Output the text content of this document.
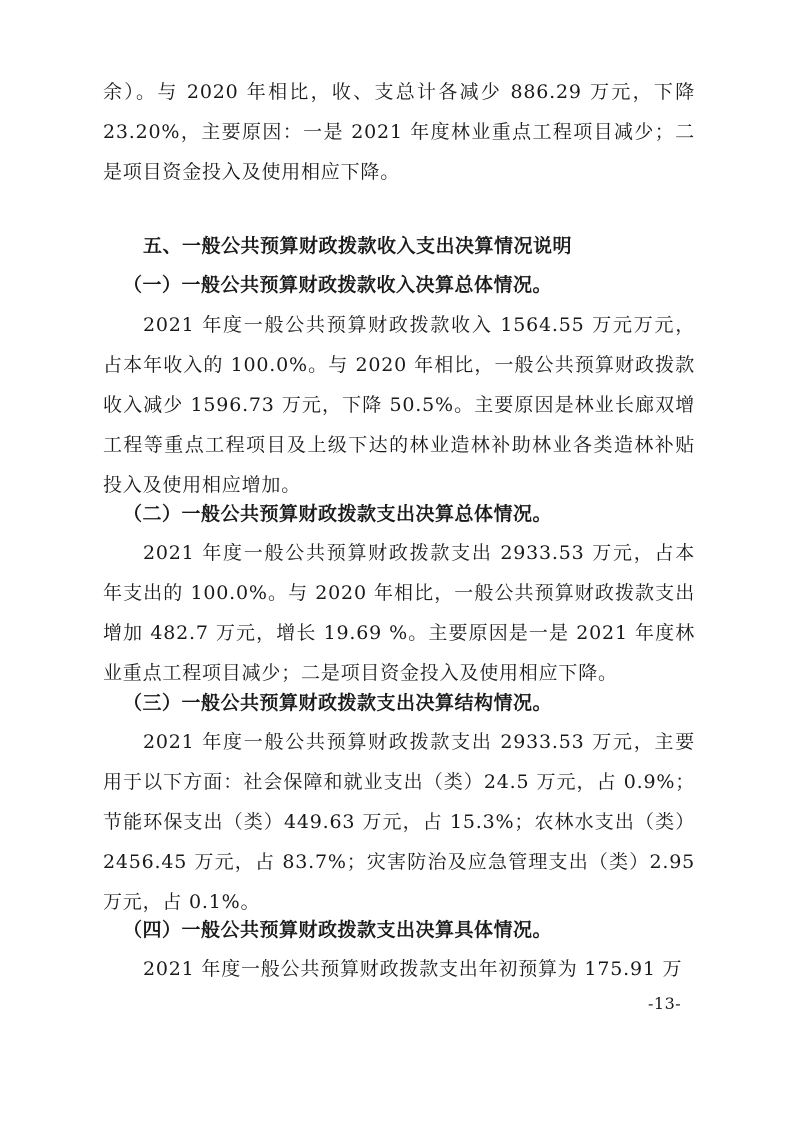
余）。与 2020 年相比，收、支总计各减少 886.29 万元，下降 23.20%，主要原因：一是 2021 年度林业重点工程项目减少；二是项目资金投入及使用相应下降。

五、一般公共预算财政拨款收入支出决算情况说明

（一）一般公共预算财政拨款收入决算总体情况。

2021 年度一般公共预算财政拨款收入 1564.55 万元万元，占本年收入的 100.0%。与 2020 年相比，一般公共预算财政拨款收入减少 1596.73 万元，下降 50.5%。主要原因是林业长廊双增工程等重点工程项目及上级下达的林业造林补助林业各类造林补贴投入及使用相应增加。

（二）一般公共预算财政拨款支出决算总体情况。

2021 年度一般公共预算财政拨款支出 2933.53 万元，占本年支出的 100.0%。与 2020 年相比，一般公共预算财政拨款支出增加 482.7 万元，增长 19.69 %。主要原因是一是 2021 年度林业重点工程项目减少；二是项目资金投入及使用相应下降。

（三）一般公共预算财政拨款支出决算结构情况。

2021 年度一般公共预算财政拨款支出 2933.53 万元，主要用于以下方面：社会保障和就业支出（类）24.5 万元，占 0.9%；节能环保支出（类）449.63 万元，占 15.3%；农林水支出（类）2456.45 万元，占 83.7%；灾害防治及应急管理支出（类）2.95 万元，占 0.1%。

（四）一般公共预算财政拨款支出决算具体情况。

2021 年度一般公共预算财政拨款支出年初预算为 175.91 万

-13-
